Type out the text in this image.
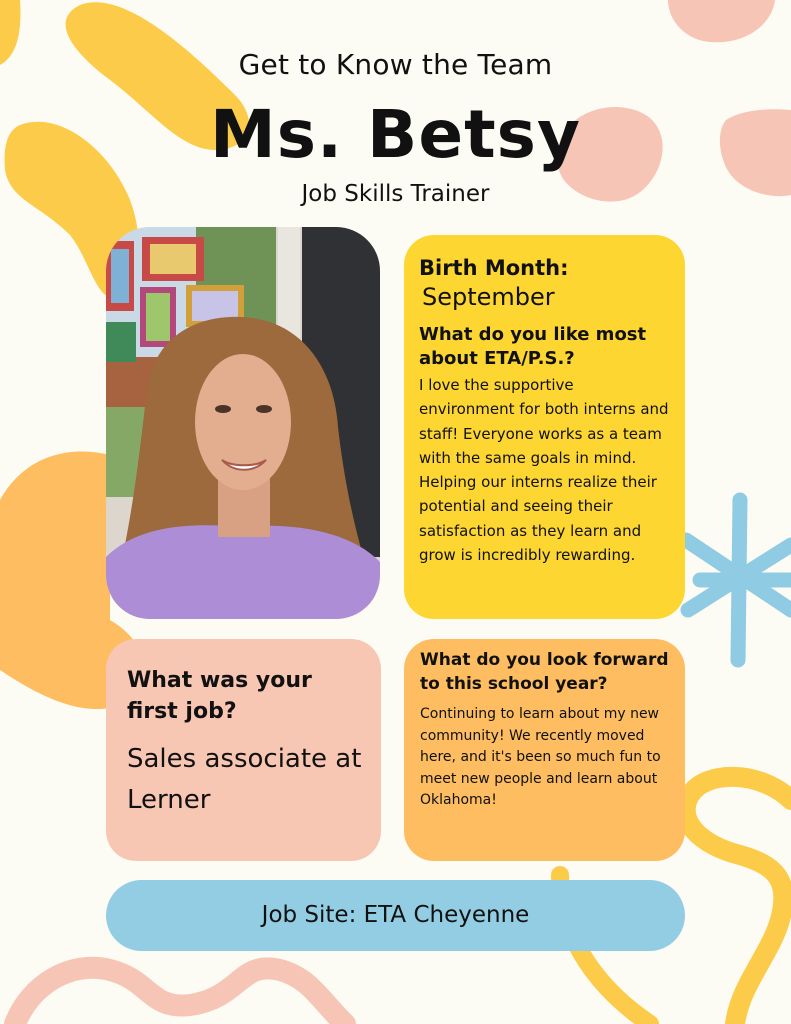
Get to Know the Team
Ms. Betsy
Job Skills Trainer
Birth Month:
September
What do you like most about ETA/P.S.?
I love the supportive environment for both interns and staff! Everyone works as a team with the same goals in mind. Helping our interns realize their potential and seeing their satisfaction as they learn and grow is incredibly rewarding.
What was your first job?
Sales associate at Lerner
What do you look forward to this school year?
Continuing to learn about my new community! We recently moved here, and it's been so much fun to meet new people and learn about Oklahoma!
Job Site: ETA Cheyenne
